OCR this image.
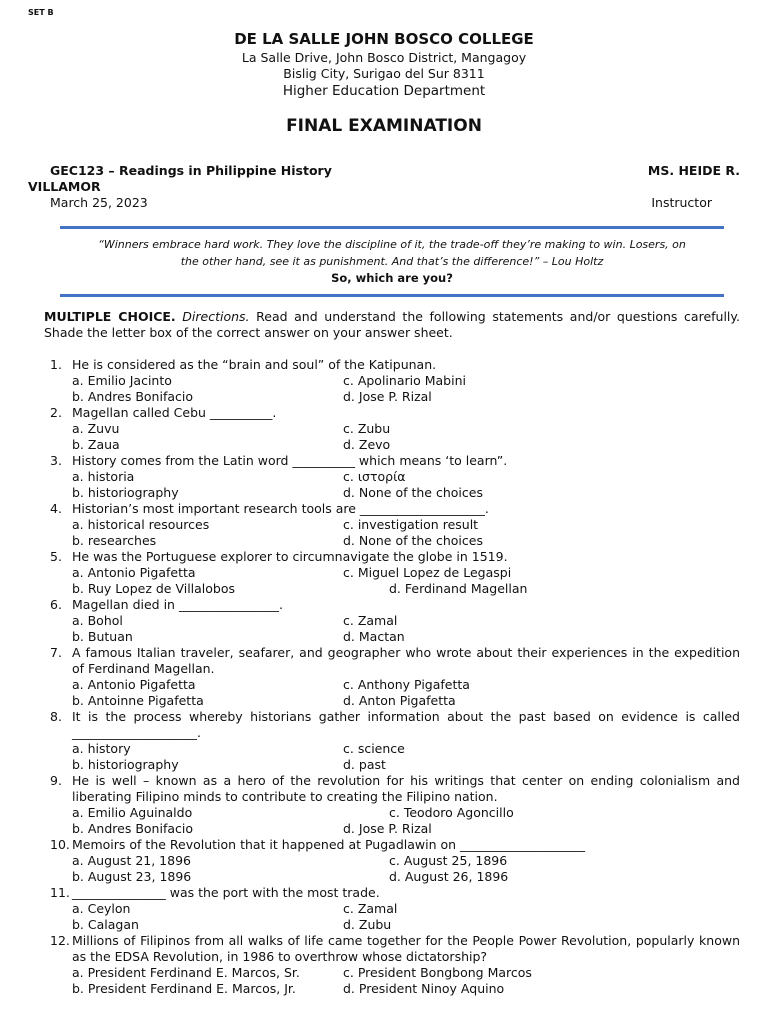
SET B
DE LA SALLE JOHN BOSCO COLLEGE
La Salle Drive, John Bosco District, Mangagoy
Bislig City, Surigao del Sur 8311
Higher Education Department
FINAL EXAMINATION
GEC123 – Readings in Philippine History	MS. HEIDE R.
VILLAMOR
March 25, 2023	Instructor
“Winners embrace hard work. They love the discipline of it, the trade-off they’re making to win. Losers, on
the other hand, see it as punishment. And that’s the difference!” – Lou Holtz
So, which are you?
MULTIPLE CHOICE. Directions. Read and understand the following statements and/or questions carefully. Shade the letter box of the correct answer on your answer sheet.
1. He is considered as the “brain and soul” of the Katipunan.
a. Emilio Jacinto	c. Apolinario Mabini
b. Andres Bonifacio	d. Jose P. Rizal
2. Magellan called Cebu __________.
a. Zuvu	c. Zubu
b. Zaua	d. Zevo
3. History comes from the Latin word __________ which means ‘to learn”.
a. historia	c. ιστορία
b. historiography	d. None of the choices
4. Historian’s most important research tools are ____________________.
a. historical resources	c. investigation result
b. researches	d. None of the choices
5. He was the Portuguese explorer to circumnavigate the globe in 1519.
a. Antonio Pigafetta	c. Miguel Lopez de Legaspi
b. Ruy Lopez de Villalobos	d. Ferdinand Magellan
6. Magellan died in ________________.
a. Bohol	c. Zamal
b. Butuan	d. Mactan
7. A famous Italian traveler, seafarer, and geographer who wrote about their experiences in the expedition of Ferdinand Magellan.
a. Antonio Pigafetta	c. Anthony Pigafetta
b. Antoinne Pigafetta	d. Anton Pigafetta
8. It is the process whereby historians gather information about the past based on evidence is called ____________________.
a. history	c. science
b. historiography	d. past
9. He is well – known as a hero of the revolution for his writings that center on ending colonialism and liberating Filipino minds to contribute to creating the Filipino nation.
a. Emilio Aguinaldo	c. Teodoro Agoncillo
b. Andres Bonifacio	d. Jose P. Rizal
10. Memoirs of the Revolution that it happened at Pugadlawin on ____________________
a. August 21, 1896	c. August 25, 1896
b. August 23, 1896	d. August 26, 1896
11. _______________ was the port with the most trade.
a. Ceylon	c. Zamal
b. Calagan	d. Zubu
12. Millions of Filipinos from all walks of life came together for the People Power Revolution, popularly known as the EDSA Revolution, in 1986 to overthrow whose dictatorship?
a. President Ferdinand E. Marcos, Sr.	c. President Bongbong Marcos
b. President Ferdinand E. Marcos, Jr.	d. President Ninoy Aquino
